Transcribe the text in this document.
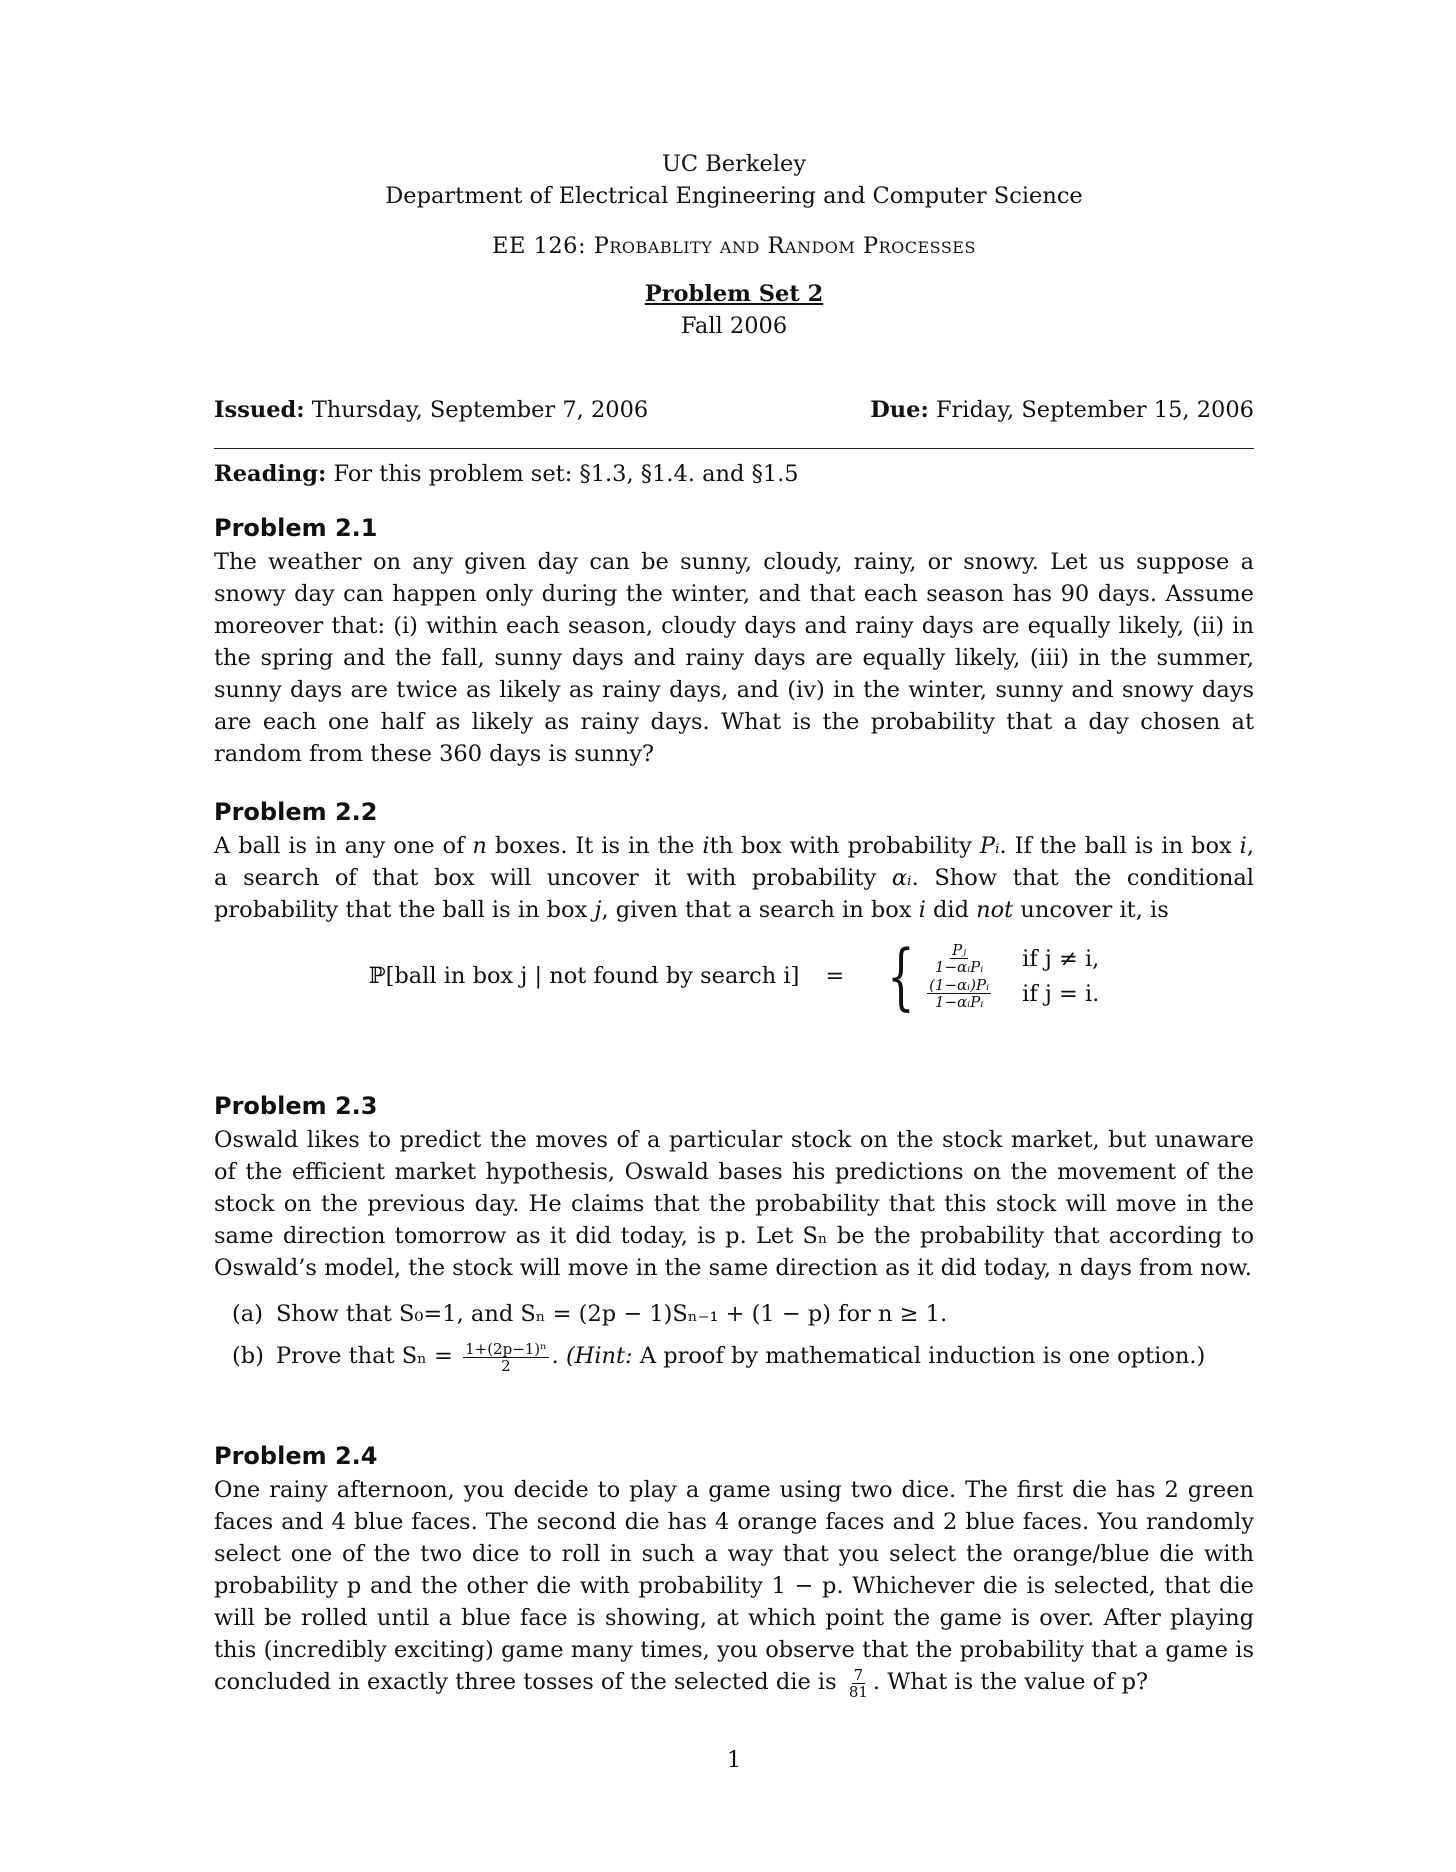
UC Berkeley
Department of Electrical Engineering and Computer Science
EE 126: Probablity and Random Processes
Problem Set 2
Fall 2006
Issued: Thursday, September 7, 2006	Due: Friday, September 15, 2006
Reading: For this problem set: §1.3, §1.4. and §1.5
Problem 2.1

The weather on any given day can be sunny, cloudy, rainy, or snowy. Let us suppose a snowy day can happen only during the winter, and that each season has 90 days. Assume moreover that: (i) within each season, cloudy days and rainy days are equally likely, (ii) in the spring and the fall, sunny days and rainy days are equally likely, (iii) in the summer, sunny days are twice as likely as rainy days, and (iv) in the winter, sunny and snowy days are each one half as likely as rainy days. What is the probability that a day chosen at random from these 360 days is sunny?

Problem 2.2

A ball is in any one of n boxes. It is in the ith box with probability Pᵢ. If the ball is in box i, a search of that box will uncover it with probability αᵢ. Show that the conditional probability that the ball is in box j, given that a search in box i did not uncover it, is

ℙ[ball in box j | not found by search i] = { $\frac{\text{Pⱼ}}{\text{1−αᵢPᵢ}}$ if j ≠ i,
$\frac{\text{(1−αᵢ)Pᵢ}}{\text{1−αᵢPᵢ}}$ if j = i.
Problem 2.3

Oswald likes to predict the moves of a particular stock on the stock market, but unaware of the efficient market hypothesis, Oswald bases his predictions on the movement of the stock on the previous day. He claims that the probability that this stock will move in the same direction tomorrow as it did today, is p. Let Sₙ be the probability that according to Oswald’s model, the stock will move in the same direction as it did today, n days from now.

(a) Show that S₀=1, and Sₙ = (2p − 1)Sₙ₋₁ + (1 − p) for n ≥ 1.
(b) Prove that $S_n = \frac{\text{1+(2p−1)ⁿ}}{2}$ . (Hint: A proof by mathematical induction is one option.)
Problem 2.4

One rainy afternoon, you decide to play a game using two dice. The first die has 2 green faces and 4 blue faces. The second die has 4 orange faces and 2 blue faces. You randomly select one of the two dice to roll in such a way that you select the orange/blue die with probability p and the other die with probability 1 − p. Whichever die is selected, that die will be rolled until a blue face is showing, at which point the game is over. After playing this (incredibly exciting) game many times, you observe that the probability that a game is concluded in exactly three tosses of the selected die is $\frac{7}{81}$ . What is the value of p?

1
